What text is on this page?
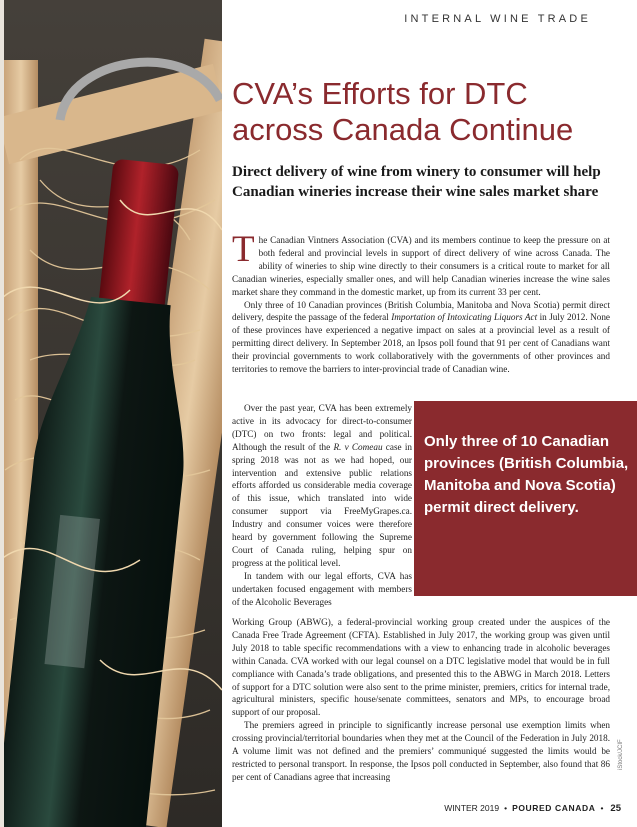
INTERNAL WINE TRADE
CVA’s Efforts for DTC
across Canada Continue

Direct delivery of wine from winery to consumer will help Canadian wineries increase their wine sales market share

The Canadian Vintners Association (CVA) and its members continue to keep the pressure on at both federal and provincial levels in support of direct delivery of wine across Canada. The ability of wineries to ship wine directly to their consumers is a critical route to market for all Canadian wineries, especially smaller ones, and will help Canadian wineries increase the wine sales market share they command in the domestic market, up from its current 33 per cent.

Only three of 10 Canadian provinces (British Columbia, Manitoba and Nova Scotia) permit direct delivery, despite the passage of the federal Importation of Intoxicating Liquors Act in July 2012. None of these provinces have experienced a negative impact on sales at a provincial level as a result of permitting direct delivery. In September 2018, an Ipsos poll found that 91 per cent of Canadians want their provincial governments to work collaboratively with the governments of other provinces and territories to remove the barriers to inter-provincial trade of Canadian wine.

Over the past year, CVA has been extremely active in its advocacy for direct-to-consumer (DTC) on two fronts: legal and political. Although the result of the R. v Comeau case in spring 2018 was not as we had hoped, our intervention and extensive public relations efforts afforded us considerable media coverage of this issue, which translated into wide consumer support via FreeMyGrapes.ca. Industry and consumer voices were therefore heard by government following the Supreme Court of Canada ruling, helping spur on progress at the political level.

In tandem with our legal efforts, CVA has undertaken focused engagement with members of the Alcoholic Beverages

Working Group (ABWG), a federal-provincial working group created under the auspices of the Canada Free Trade Agreement (CFTA). Established in July 2017, the working group was given until July 2018 to table specific recommendations with a view to enhancing trade in alcoholic beverages within Canada. CVA worked with our legal counsel on a DTC legislative model that would be in full compliance with Canada’s trade obligations, and presented this to the ABWG in March 2018. Letters of support for a DTC solution were also sent to the prime minister, premiers, critics for internal trade, agricultural ministers, specific house/senate committees, senators and MPs, to encourage broad support of our proposal.

The premiers agreed in principle to significantly increase personal use exemption limits when crossing provincial/territorial boundaries when they met at the Council of the Federation in July 2018. A volume limit was not defined and the premiers’ communiqué suggested the limits would be restricted to personal transport. In response, the Ipsos poll conducted in September, also found that 86 per cent of Canadians agree that increasing

Only three of 10 Canadian provinces (British Columbia, Manitoba and Nova Scotia) permit direct delivery.

iStock/JCIF
WINTER 2019 • POURED CANADA • 25
